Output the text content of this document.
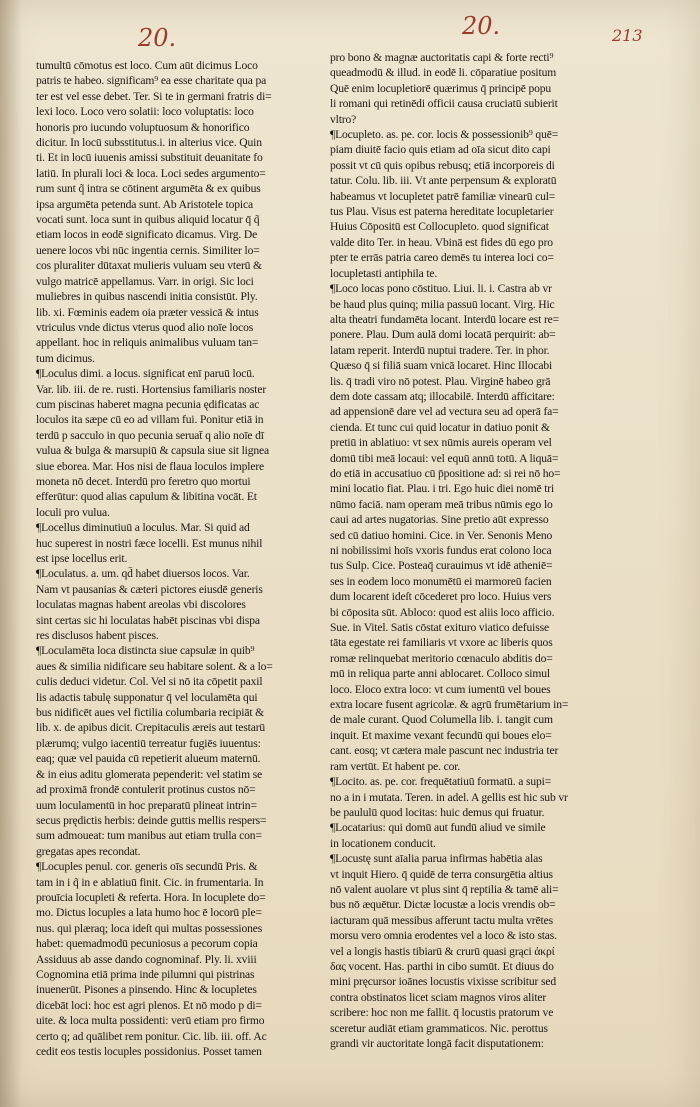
20.	20.	213
tumultū cōmotus est loco. Cum aūt dicimus Loco
patris te habeo. significam⁹ ea esse charitate qua pa
ter est vel esse debet. Ter. Si te in germani fratris di=
lexi loco. Loco vero solatii: loco voluptatis: loco
honoris pro iucundo voluptuosum & honorifico
dicitur. In locū subsstitutus.i. in alterius vice. Quin
ti. Et in locū iuuenis amissi substituit deuanitate fo
latiū. In plurali loci & loca. Loci sedes argumento=
rum sunt q̃ intra se cōtinent argumēta & ex quibus
ipsa argumēta petenda sunt. Ab Aristotele topica
vocati sunt. loca sunt in quibus aliquid locatur q̄ q̃
etiam locos in eodē significato dicamus. Virg. De
uenere locos vbi nūc ingentia cernis. Similiter lo=
cos pluraliter dūtaxat mulieris vuluam seu vterū &
vulgo matricē appellamus. Varr. in origi. Sic loci
muliebres in quibus nascendi initia consistūt. Ply.
lib. xi. Fœminis eadem oia præter vessicā & intus
vtriculus vnde dictus vterus quod alio noīe locos
appellant. hoc in reliquis animalibus vuluam tan=
tum dicimus.
¶Loculus dimi. a locus. significat enī paruū locū.
Var. lib. iii. de re. rusti. Hortensius familiaris noster
cum piscinas haberet magna pecunia ędificatas ac
loculos ita sæpe cū eo ad villam fui. Ponitur etiā in
terdū p sacculo in quo pecunia seruat̄ q alio noīe dī
vulua & bulga & marsupiū & capsula siue sit lignea
siue eborea. Mar. Hos nisi de flaua loculos implere
moneta nō decet. Interdū pro feretro quo mortui
efferūtur: quod alias capulum & libitina vocāt. Et
loculi pro vulua.
¶Locellus diminutiuū a loculus. Mar. Si quid ad
huc superest in nostri fæce locelli. Est munus nihil
est ipse locellus erit.
¶Loculatus. a. um. qd̄ habet diuersos locos. Var.
Nam vt pausanias & cæteri pictores eiusdē generis
loculatas magnas habent areolas vbi discolores
sint certas sic hi loculatas habēt piscinas vbi dispa
res disclusos habent pisces.
¶Loculamēta loca distincta siue capsulæ in quib⁹
aues & similia nidificare seu habitare solent. & a lo=
culis deduci videtur. Col. Vel si nō ita cōpetit paxil
lis adactis tabulę supponatur q̄ vel loculamēta qui
bus nidificēt aues vel fictilia columbaria recipiāt &
lib. x. de apibus dicit. Crepitaculis æreis aut testarū
plærumq; vulgo iacentiū terreatur fugiēs iuuentus:
eaq; quæ vel pauida cū repetierit alueum maternū.
& in eius aditu glomerata pependerit: vel statim se
ad proximā frondē contulerit protinus custos nō=
uum loculamentū in hoc preparatū plineat intrin=
secus prędictis herbis: deinde guttis mellis respers=
sum admoueat: tum manibus aut etiam trulla con=
gregatas apes recondat.
¶Locuples penul. cor. generis oīs secundū Pris. &
tam in i q̃ in e ablatiuū finit. Cic. in frumentaria. In
prouīcia locupleti & referta. Hora. In locuplete do=
mo. Dictus locuples a lata humo hoc ē locorū ple=
nus. qui plæraq; loca ideſt qui multas possessiones
habet: quemadmodū pecuniosus a pecorum copia
Assiduus ab asse dando cognominaf. Ply. li. xviii
Cognomina etiā prima inde pilumni qui pistrinas
inuenerūt. Pisones a pinsendo. Hinc & locupletes
dicebāt loci: hoc est agri plenos. Et nō modo p di=
uite. & loca multa possidenti: verū etiam pro firmo
certo q; ad quālibet rem ponitur. Cic. lib. iii. off. Ac
cedit eos testis locuples possidonius. Posset tamen
pro bono & magnæ auctoritatis capi & forte recti⁹
queadmodū & illud. in eodē li. cōparatiue positum
Quē enim locupletiorē quærimus q̄ principē popu
li romani qui retinēdi officii causa cruciatū subierit
vltro?
¶Locupleto. as. pe. cor. locis & possessionib⁹ quē=
piam diuitē facio quis etiam ad oīa sicut dito capi
possit vt cū quis opibus rebusq; etiā incorporeis di
tatur. Colu. lib. iii. Vt ante perpensum & exploratū
habeamus vt locupletet patrē familiæ vinearū cul=
tus Plau. Visus est paterna hereditate locupletarier
Huius Cōpositū est Collocupleto. quod significat
valde dito Ter. in heau. Vbinā est fides dū ego pro
pter te errās patria careo demēs tu interea loci co=
locupletasti antiphila te.
¶Loco locas pono cōstituo. Liui. li. i. Castra ab vr
be haud plus quinq; milia passuū locant. Virg. Hic
alta theatri fundamēta locant. Interdū locare est re=
ponere. Plau. Dum aulā domi locatā perquirit: ab=
latam reperit. Interdū nuptui tradere. Ter. in phor.
Quæso q̄ si filiā suam vnicā locaret. Hinc Illocabi
lis. q̄ tradi viro nō potest. Plau. Virginē habeo grā
dem dote cassam atq; illocabilē. Interdū afficitare:
ad appensionē dare vel ad vectura seu ad operā fa=
cienda. Et tunc cui quid locatur in datiuo ponit &
pretiū in ablatiuo: vt sex nūmis aureis operam vel
domū tibi meā locaui: vel equū annū totū. A liquā=
do etiā in accusatiuo cū p̄positione ad: si rei nō ho=
mini locatio fiat. Plau. i tri. Ego huic diei nomē tri
nūmo faciā. nam operam meā tribus nūmis ego lo
caui ad artes nugatorias. Sine pretio aūt expresso
sed cū datiuo homini. Cice. in Ver. Senonis Meno
ni nobilissimi hoīs vxoris fundus erat colono loca
tus Sulp. Cice. Posteaq̄ curauimus vt idē atheniē=
ses in eodem loco monumētū ei marmoreū facien
dum locarent ideſt cōcederet pro loco. Huius vers
bi cōposita sūt. Abloco: quod est aliis loco afficio.
Sue. in Vitel. Satis cōstat exituro viatico defuisse
tāta egestate rei familiaris vt vxore ac liberis quos
romæ relinquebat meritorio cœnaculo abditis do=
mū in reliqua parte anni ablocaret. Colloco simul
loco. Eloco extra loco: vt cum iumentū vel boues
extra locare fusent agricolæ. & agrū frumētarium in=
de male curant. Quod Columella lib. i. tangit cum
inquit. Et maxime vexant fecundū qui boues elo=
cant. eosq; vt cætera male pascunt nec industria ter
ram vertūt. Et habent pe. cor.
¶Locito. as. pe. cor. frequētatiuū formatū. a supi=
no a in i mutata. Teren. in adel. A gellis est hic sub vr
be paululū quod locitas: huic demus qui fruatur.
¶Locatarius: qui domū aut fundū aliud ve simile
in locationem conducit.
¶Locustę sunt aīalia parua infirmas habētia alas
vt inquit Hiero. q̄ quidē de terra consurgētia altius
nō valent auolare vt plus sint q̄ reptilia & tamē ali=
bus nō æquētur. Dictæ locustæ a locis vrendis ob=
iacturam quā messibus afferunt tactu multa vrētes
morsu vero omnia erodentes vel a loco & isto stas.
vel a longis hastis tibiarū & crurū quasi grąci ἀκρί
δας vocent. Has. parthi in cibo sumūt. Et diuus do
mini pręcursor ioānes locustis vixisse scribitur sed
contra obstinatos licet sciam magnos viros aliter
scribere: hoc non me fallit. q̄ locustis pratorum ve
sceretur audiāt etiam grammaticos. Nic. perottus
grandi vir auctoritate longā facit disputationem:
